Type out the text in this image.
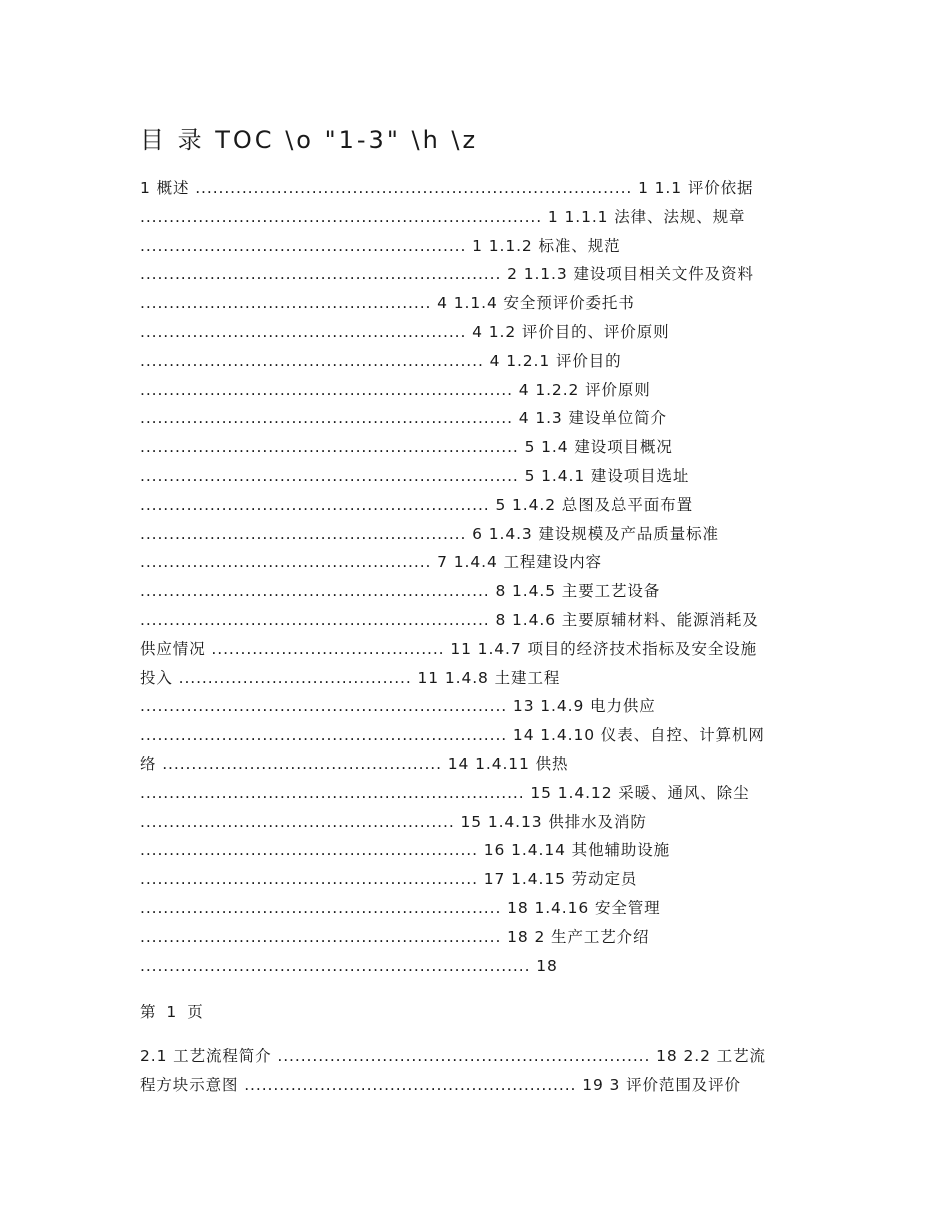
目 录 TOC \o "1-3" \h \z
1 概述 ........................................................................... 1 1.1 评价依据
..................................................................... 1 1.1.1 法律、法规、规章
........................................................ 1 1.1.2 标准、规范
.............................................................. 2 1.1.3 建设项目相关文件及资料
.................................................. 4 1.1.4 安全预评价委托书
........................................................ 4 1.2 评价目的、评价原则
........................................................... 4 1.2.1 评价目的
................................................................ 4 1.2.2 评价原则
................................................................ 4 1.3 建设单位简介
................................................................. 5 1.4 建设项目概况
................................................................. 5 1.4.1 建设项目选址
............................................................ 5 1.4.2 总图及总平面布置
........................................................ 6 1.4.3 建设规模及产品质量标准
.................................................. 7 1.4.4 工程建设内容
............................................................ 8 1.4.5 主要工艺设备
............................................................ 8 1.4.6 主要原辅材料、能源消耗及
供应情况 ........................................ 11 1.4.7 项目的经济技术指标及安全设施
投入 ........................................ 11 1.4.8 土建工程
............................................................... 13 1.4.9 电力供应
............................................................... 14 1.4.10 仪表、自控、计算机网
络 ................................................ 14 1.4.11 供热
.................................................................. 15 1.4.12 采暖、通风、除尘
...................................................... 15 1.4.13 供排水及消防
.......................................................... 16 1.4.14 其他辅助设施
.......................................................... 17 1.4.15 劳动定员
.............................................................. 18 1.4.16 安全管理
.............................................................. 18 2 生产工艺介绍
................................................................... 18
第 1 页
2.1 工艺流程简介 ................................................................ 18 2.2 工艺流
程方块示意图 ......................................................... 19 3 评价范围及评价
